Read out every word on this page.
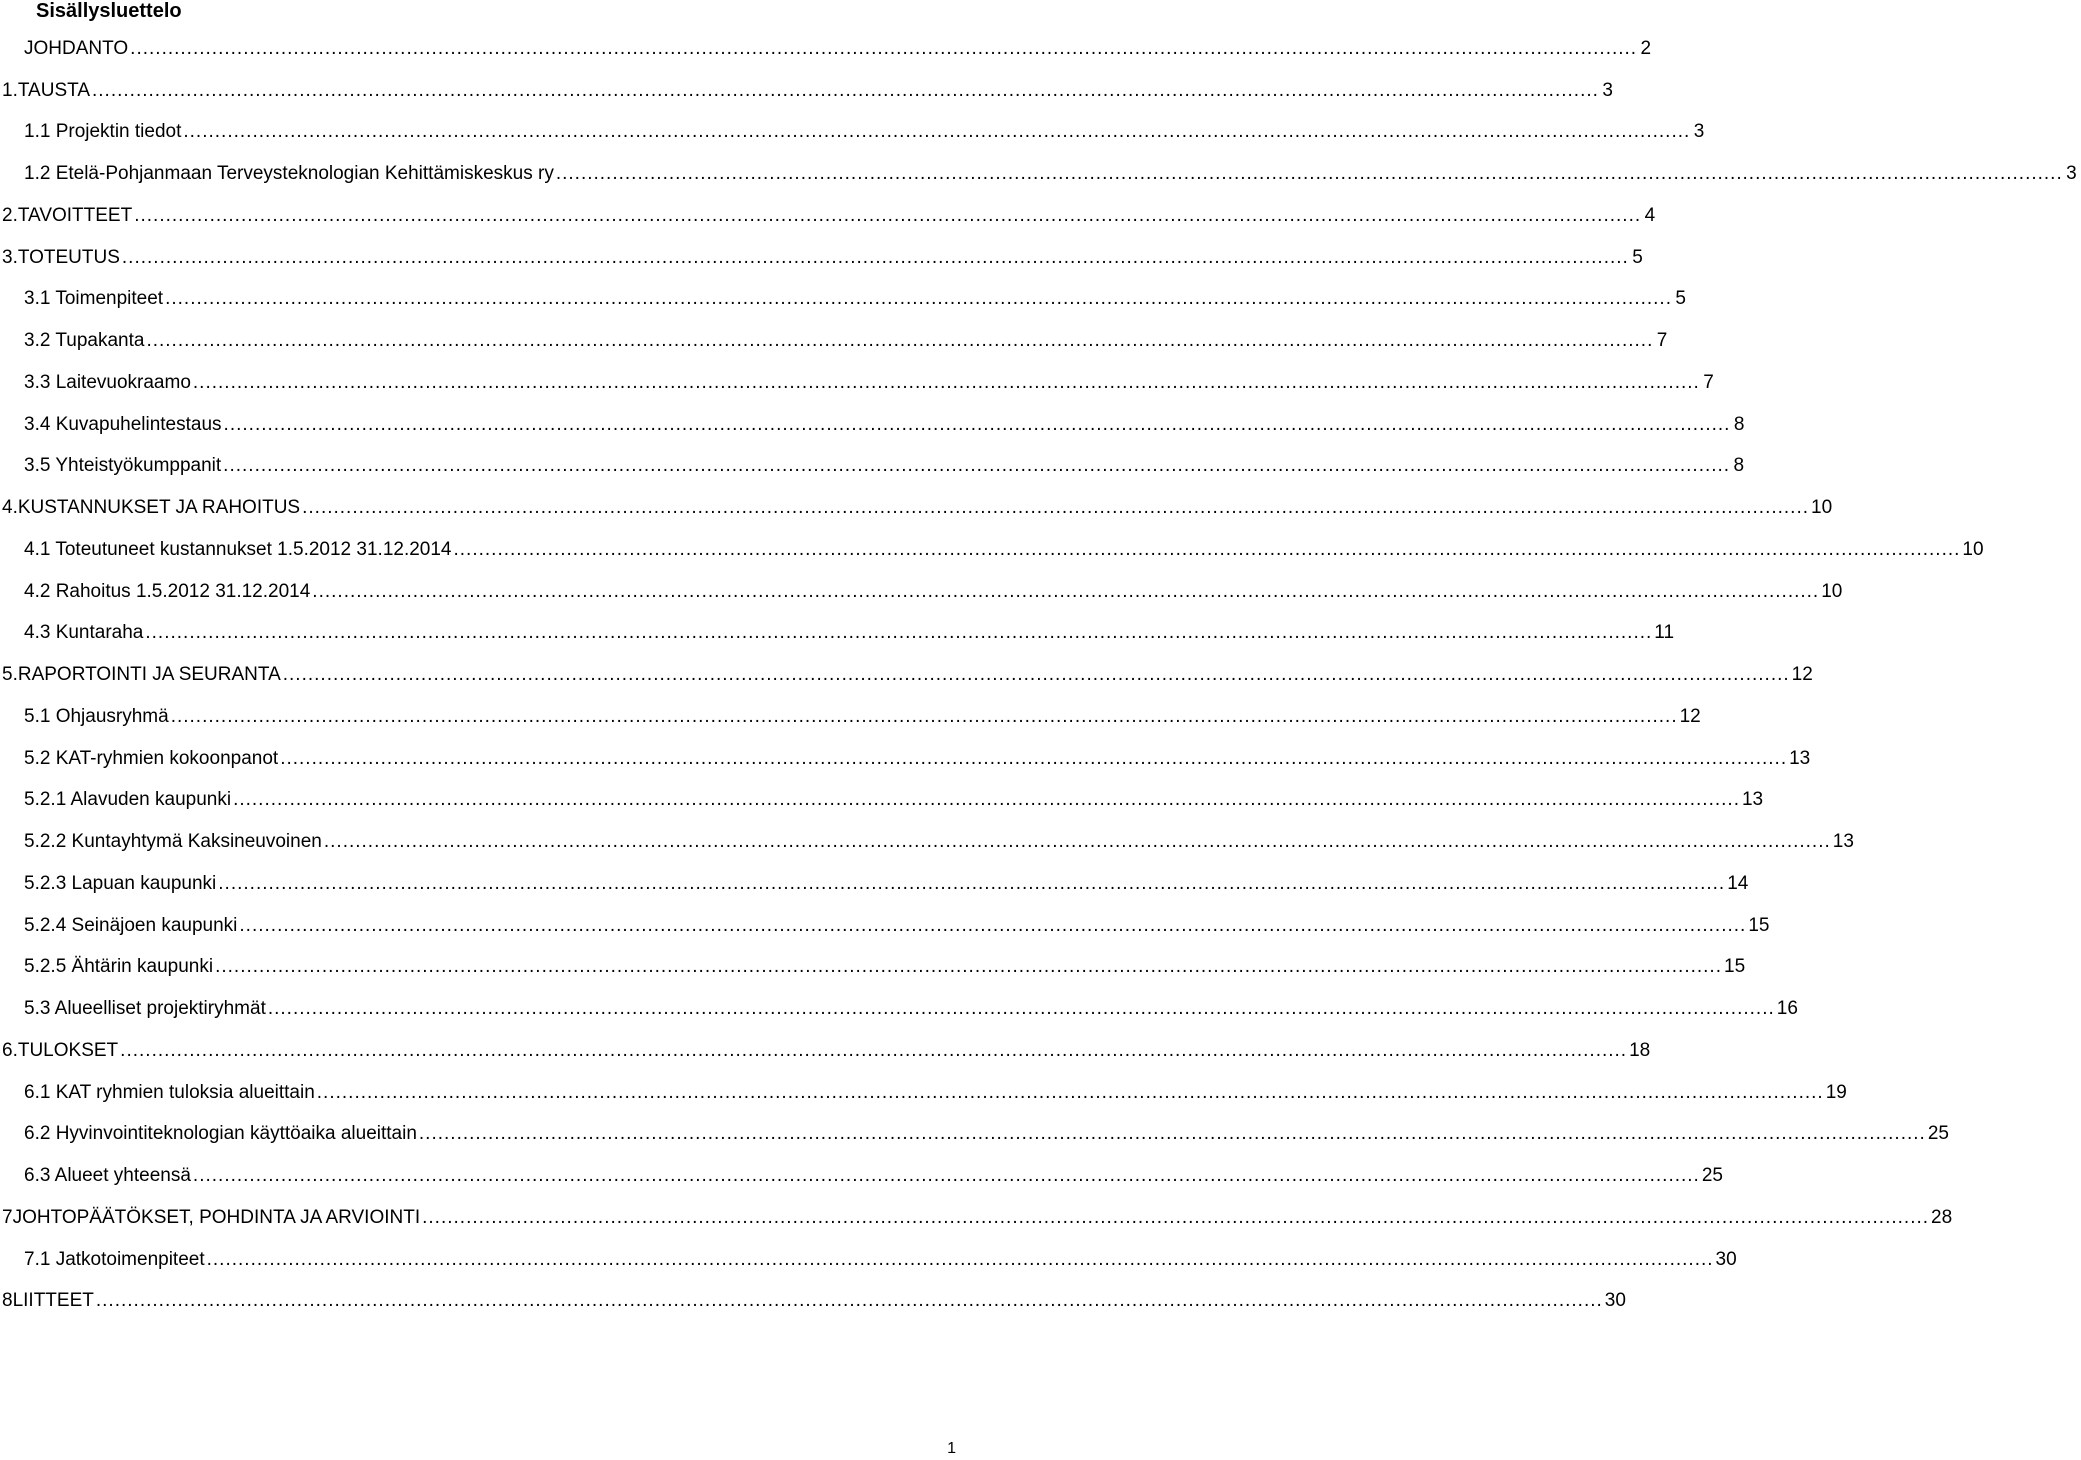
Sisällysluettelo
JOHDANTO .....	2
1. TAUSTA .....	3
1.1 Projektin tiedot .....	3
1.2 Etelä-Pohjanmaan Terveysteknologian Kehittämiskeskus ry .....	3
2. TAVOITTEET .....	4
3. TOTEUTUS .....	5
3.1 Toimenpiteet .....	5
3.2 Tupakanta .....	7
3.3 Laitevuokraamo .....	7
3.4 Kuvapuhelintestaus .....	8
3.5 Yhteistyökumppanit .....	8
4. KUSTANNUKSET JA RAHOITUS .....	10
4.1 Toteutuneet kustannukset 1.5.2012 31.12.2014 .....	10
4.2 Rahoitus 1.5.2012 31.12.2014 .....	10
4.3 Kuntaraha .....	11
5. RAPORTOINTI JA SEURANTA .....	12
5.1 Ohjausryhmä .....	12
5.2 KAT-ryhmien kokoonpanot .....	13
5.2.1 Alavuden kaupunki .....	13
5.2.2 Kuntayhtymä Kaksineuvoinen .....	13
5.2.3 Lapuan kaupunki .....	14
5.2.4 Seinäjoen kaupunki .....	15
5.2.5 Ähtärin kaupunki .....	15
5.3 Alueelliset projektiryhmät .....	16
6. TULOKSET .....	18
6.1 KAT ryhmien tuloksia alueittain .....	19
6.2 Hyvinvointiteknologian käyttöaika alueittain .....	25
6.3 Alueet yhteensä .....	25
7 JOHTOPÄÄTÖKSET, POHDINTA JA ARVIOINTI .....	28
7.1 Jatkotoimenpiteet .....	30
8 LIITTEET .....	30
1
